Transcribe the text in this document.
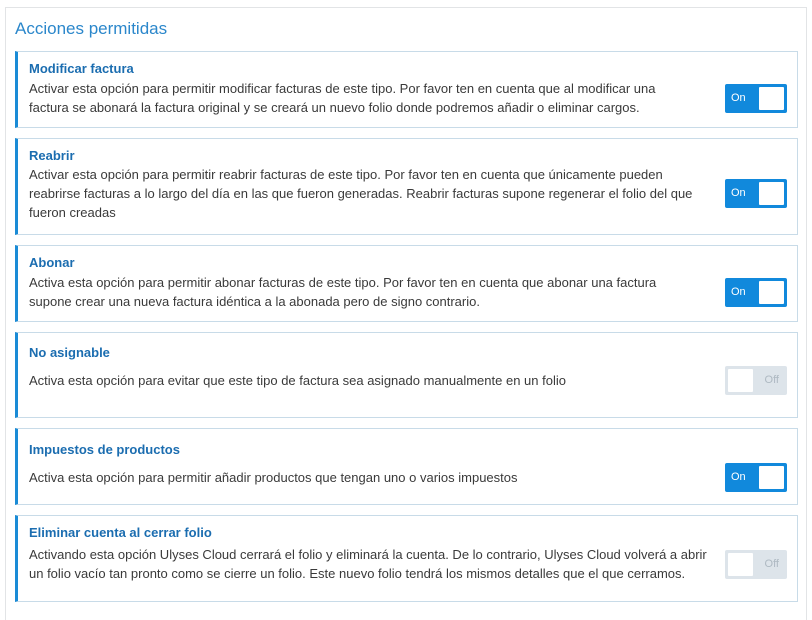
Acciones permitidas
Modificar factura
Activar esta opción para permitir modificar facturas de este tipo. Por favor ten en cuenta que al modificar una
factura se abonará la factura original y se creará un nuevo folio donde podremos añadir o eliminar cargos.
On
Reabrir
Activar esta opción para permitir reabrir facturas de este tipo. Por favor ten en cuenta que únicamente pueden
reabrirse facturas a lo largo del día en las que fueron generadas. Reabrir facturas supone regenerar el folio del que
fueron creadas
On
Abonar
Activa esta opción para permitir abonar facturas de este tipo. Por favor ten en cuenta que abonar una factura
supone crear una nueva factura idéntica a la abonada pero de signo contrario.
On
No asignable
Activa esta opción para evitar que este tipo de factura sea asignado manualmente en un folio	Off
Impuestos de productos
Activa esta opción para permitir añadir productos que tengan uno o varios impuestos	On
Eliminar cuenta al cerrar folio
Activando esta opción Ulyses Cloud cerrará el folio y eliminará la cuenta. De lo contrario, Ulyses Cloud volverá a abrir
un folio vacío tan pronto como se cierre un folio. Este nuevo folio tendrá los mismos detalles que el que cerramos.
Off
